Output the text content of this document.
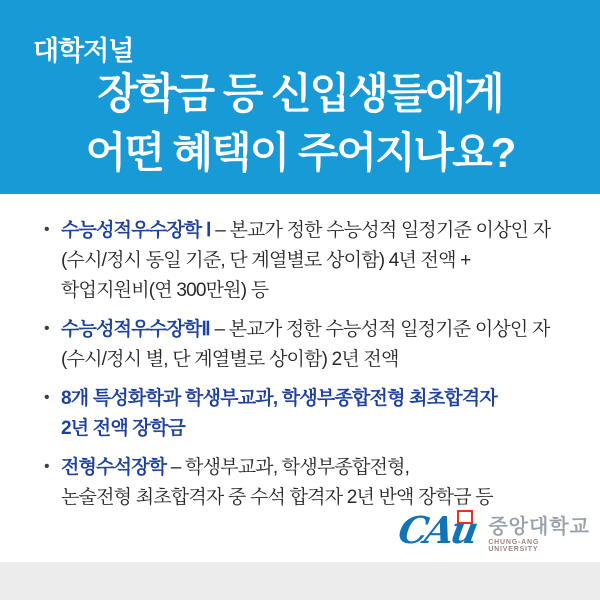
대학저널
장학금 등 신입생들에게
어떤 혜택이 주어지나요?
• 수능성적우수장학 Ⅰ – 본교가 정한 수능성적 일정기준 이상인 자
(수시/정시 동일 기준, 단 계열별로 상이함) 4년 전액 +
학업지원비(연 300만원) 등
• 수능성적우수장학Ⅱ – 본교가 정한 수능성적 일정기준 이상인 자
(수시/정시 별, 단 계열별로 상이함) 2년 전액
• 8개 특성화학과 학생부교과, 학생부종합전형 최초합격자
2년 전액 장학금
• 전형수석장학 – 학생부교과, 학생부종합전형,
논술전형 최초합격자 중 수석 합격자 2년 반액 장학금 등
CAu 중앙대학교
CHUNG-ANG UNIVERSITY
